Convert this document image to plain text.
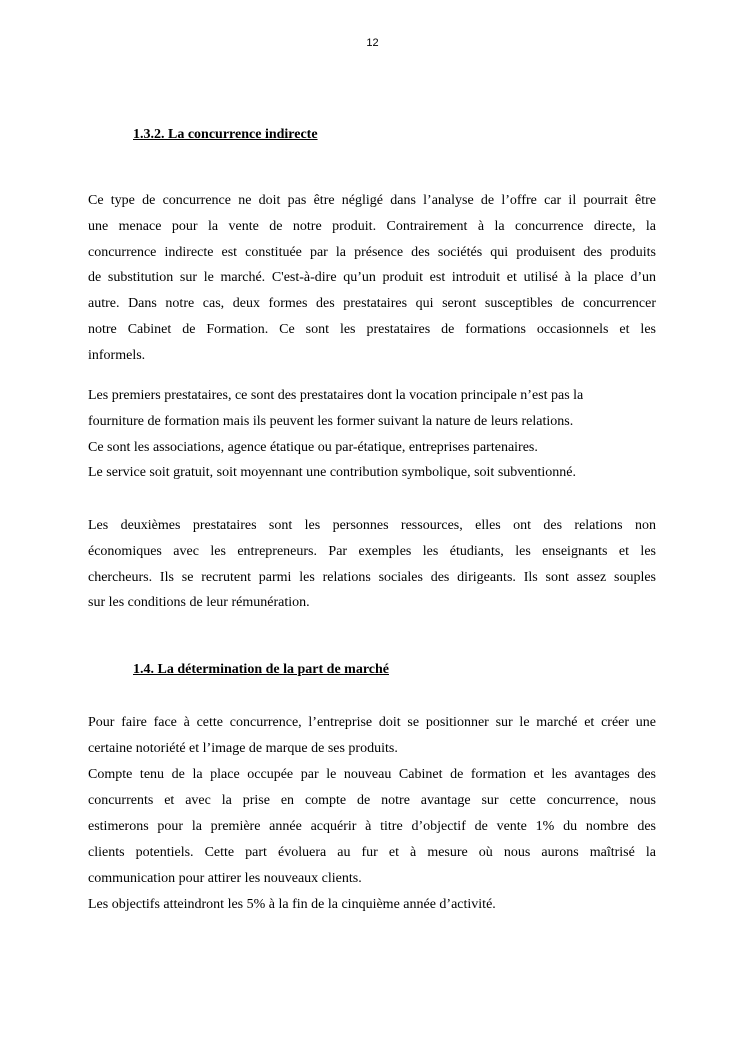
12
1.3.2. La concurrence indirecte
Ce type de concurrence ne doit pas être négligé dans l’analyse de l’offre car il pourrait être
une menace pour la vente de notre produit. Contrairement à la concurrence directe, la
concurrence indirecte est constituée par la présence des sociétés qui produisent des produits
de substitution sur le marché. C'est-à-dire qu’un produit est introduit et utilisé à la place d’un
autre. Dans notre cas, deux formes des prestataires qui seront susceptibles de concurrencer
notre Cabinet de Formation. Ce sont les prestataires de formations occasionnels et les
informels.
Les premiers prestataires, ce sont des prestataires dont la vocation principale n’est pas la
fourniture de formation mais ils peuvent les former suivant la nature de leurs relations.
Ce sont les associations, agence étatique ou par-étatique, entreprises partenaires.
Le service soit gratuit, soit moyennant une contribution symbolique, soit subventionné.
Les deuxièmes prestataires sont les personnes ressources, elles ont des relations non
économiques avec les entrepreneurs. Par exemples les étudiants, les enseignants et les
chercheurs. Ils se recrutent parmi les relations sociales des dirigeants. Ils sont assez souples
sur les conditions de leur rémunération.
1.4. La détermination de la part de marché
Pour faire face à cette concurrence, l’entreprise doit se positionner sur le marché et créer une
certaine notoriété et l’image de marque de ses produits.
Compte tenu de la place occupée par le nouveau Cabinet de formation et les avantages des
concurrents et avec la prise en compte de notre avantage sur cette concurrence, nous
estimerons pour la première année acquérir à titre d’objectif de vente 1% du nombre des
clients potentiels. Cette part évoluera au fur et à mesure où nous aurons maîtrisé la
communication pour attirer les nouveaux clients.
Les objectifs atteindront les 5% à la fin de la cinquième année d’activité.
